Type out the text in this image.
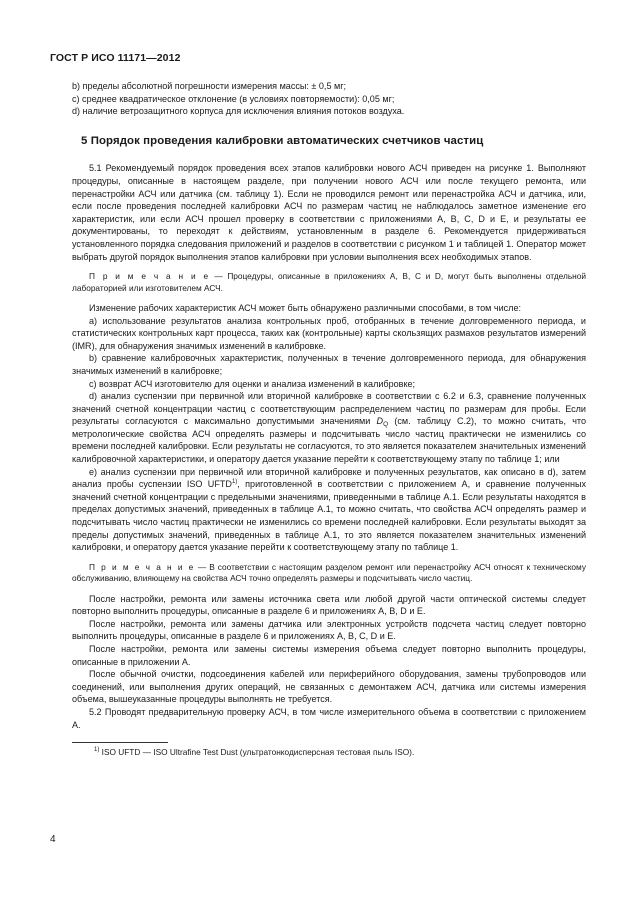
ГОСТ Р ИСО 11171—2012

b) пределы абсолютной погрешности измерения массы: ± 0,5 мг;

c) среднее квадратическое отклонение (в условиях повторяемости): 0,05 мг;

d) наличие ветрозащитного корпуса для исключения влияния потоков воздуха.

5 Порядок проведения калибровки автоматических счетчиков частиц

5.1 Рекомендуемый порядок проведения всех этапов калибровки нового АСЧ приведен на рисунке 1. Выполняют процедуры, описанные в настоящем разделе, при получении нового АСЧ или после текущего ремонта, или перенастройки АСЧ или датчика (см. таблицу 1). Если не проводился ремонт или перенастройка АСЧ и датчика, или, если после проведения последней калибровки АСЧ по размерам частиц не наблюдалось заметное изменение его характеристик, или если АСЧ прошел проверку в соответствии с приложениями A, B, C, D и E, и результаты ее документированы, то переходят к действиям, установленным в разделе 6. Рекомендуется придерживаться установленного порядка следования приложений и разделов в соответствии с рисунком 1 и таблицей 1. Оператор может выбрать другой порядок выполнения этапов калибровки при условии выполнения всех необходимых этапов.

П р и м е ч а н и е — Процедуры, описанные в приложениях А, В, С и D, могут быть выполнены отдельной лабораторией или изготовителем АСЧ.

Изменение рабочих характеристик АСЧ может быть обнаружено различными способами, в том числе:

а) использование результатов анализа контрольных проб, отобранных в течение долговременного периода, и статистических контрольных карт процесса, таких как (контрольные) карты скользящих размахов результатов измерений (IMR), для обнаружения значимых изменений в калибровке.

b) сравнение калибровочных характеристик, полученных в течение долговременного периода, для обнаружения значимых изменений в калибровке;

с) возврат АСЧ изготовителю для оценки и анализа изменений в калибровке;

d) анализ суспензии при первичной или вторичной калибровке в соответствии с 6.2 и 6.3, сравнение полученных значений счетной концентрации частиц с соответствующим распределением частиц по размерам для пробы. Если результаты согласуются с максимально допустимыми значениями $D_Q$ (см. таблицу С.2), то можно считать, что метрологические свойства АСЧ определять размеры и подсчитывать число частиц практически не изменились со времени последней калибровки. Если результаты не согласуются, то это является показателем значительных изменений калибровочной характеристики, и оператору дается указание перейти к соответствующему этапу по таблице 1; или

е) анализ суспензии при первичной или вторичной калибровке и полученных результатов, как описано в d), затем анализ пробы суспензии ISO UFTD$^{1)}$, приготовленной в соответствии с приложением А, и сравнение полученных значений счетной концентрации с предельными значениями, приведенными в таблице А.1. Если результаты находятся в пределах допустимых значений, приведенных в таблице А.1, то можно считать, что свойства АСЧ определять размер и подсчитывать число частиц практически не изменились со времени последней калибровки. Если результаты выходят за пределы допустимых значений, приведенных в таблице А.1, то это является показателем значительных изменений калибровки, и оператору дается указание перейти к соответствующему этапу по таблице 1.

П р и м е ч а н и е — В соответствии с настоящим разделом ремонт или перенастройку АСЧ относят к техническому обслуживанию, влияющему на свойства АСЧ точно определять размеры и подсчитывать число частиц.

После настройки, ремонта или замены источника света или любой другой части оптической системы следует повторно выполнить процедуры, описанные в разделе 6 и приложениях А, В, D и Е.

После настройки, ремонта или замены датчика или электронных устройств подсчета частиц следует повторно выполнить процедуры, описанные в разделе 6 и приложениях А, В, С, D и Е.

После настройки, ремонта или замены системы измерения объема следует повторно выполнить процедуры, описанные в приложении А.

После обычной очистки, подсоединения кабелей или периферийного оборудования, замены трубопроводов или соединений, или выполнения других операций, не связанных с демонтажем АСЧ, датчика или системы измерения объема, вышеуказанные процедуры выполнять не требуется.

5.2 Проводят предварительную проверку АСЧ, в том числе измерительного объема в соответствии с приложением А.

$^{1)}$ ISO UFTD — ISO Ultrafine Test Dust (ультратонкодисперсная тестовая пыль ISO).

4
